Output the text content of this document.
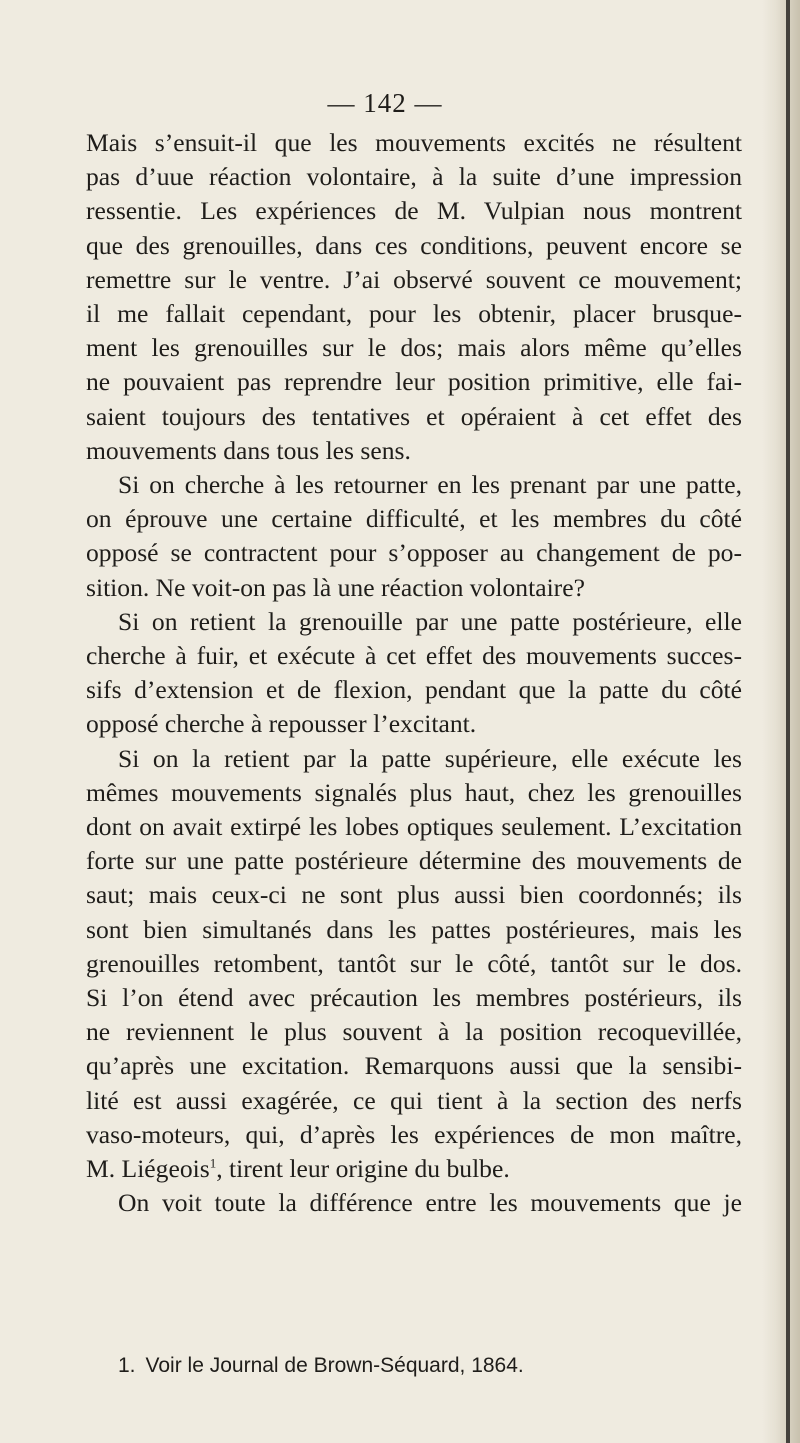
— 142 —
Mais s’ensuit-il que les mouvements excités ne résultent
pas d’uue réaction volontaire, à la suite d’une impression
ressentie. Les expériences de M. Vulpian nous montrent
que des grenouilles, dans ces conditions, peuvent encore se
remettre sur le ventre. J’ai observé souvent ce mouvement;
il me fallait cependant, pour les obtenir, placer brusque-
ment les grenouilles sur le dos; mais alors même qu’elles
ne pouvaient pas reprendre leur position primitive, elle fai-
saient toujours des tentatives et opéraient à cet effet des
mouvements dans tous les sens.
Si on cherche à les retourner en les prenant par une patte,
on éprouve une certaine difficulté, et les membres du côté
opposé se contractent pour s’opposer au changement de po-
sition. Ne voit-on pas là une réaction volontaire?
Si on retient la grenouille par une patte postérieure, elle
cherche à fuir, et exécute à cet effet des mouvements succes-
sifs d’extension et de flexion, pendant que la patte du côté
opposé cherche à repousser l’excitant.
Si on la retient par la patte supérieure, elle exécute les
mêmes mouvements signalés plus haut, chez les grenouilles
dont on avait extirpé les lobes optiques seulement. L’excitation
forte sur une patte postérieure détermine des mouvements de
saut; mais ceux-ci ne sont plus aussi bien coordonnés; ils
sont bien simultanés dans les pattes postérieures, mais les
grenouilles retombent, tantôt sur le côté, tantôt sur le dos.
Si l’on étend avec précaution les membres postérieurs, ils
ne reviennent le plus souvent à la position recoquevillée,
qu’après une excitation. Remarquons aussi que la sensibi-
lité est aussi exagérée, ce qui tient à la section des nerfs
vaso-moteurs, qui, d’après les expériences de mon maître,
M. Liégeois$^1$, tirent leur origine du bulbe.
On voit toute la différence entre les mouvements que je
1. Voir le Journal de Brown-Séquard, 1864.
